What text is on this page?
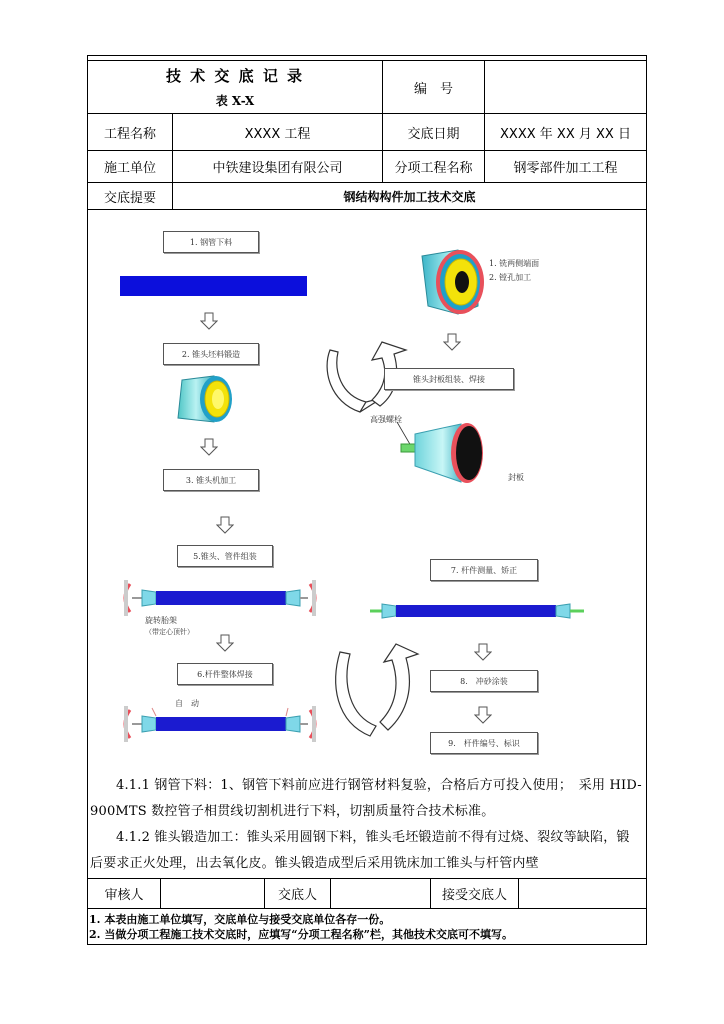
技 术 交 底 记 录
表 X-X
编　号
工程名称	XXXX 工程	交底日期	XXXX 年 XX 月 XX 日
施工单位	中铁建设集团有限公司	分项工程名称	钢零部件加工工程
交底提要	钢结构构件加工技术交底
1. 钢管下料
2. 锥头坯料锻造
3. 锥头机加工
5.锥头、管件组装
旋转胎架
（带定心顶针）
6.杆件整体焊接
自　动
1. 铣两侧端面
2. 镗孔加工
锥头封板组装、焊接
高强螺栓
封板
7. 杆件测量、矫正
8.　冲砂涂装
9.　杆件编号、标识
4.1.1 钢管下料：1、钢管下料前应进行钢管材料复验，合格后方可投入使用；　采用 HID-900MTS 数控管子相贯线切割机进行下料，切割质量符合技术标准。
4.1.2 锥头锻造加工：锥头采用圆钢下料，锥头毛坯锻造前不得有过烧、裂纹等缺陷，锻后要求正火处理，出去氧化皮。锥头锻造成型后采用铣床加工锥头与杆管内壁
审核人	交底人	接受交底人
1. 本表由施工单位填写，交底单位与接受交底单位各存一份。
2. 当做分项工程施工技术交底时，应填写“分项工程名称”栏，其他技术交底可不填写。
